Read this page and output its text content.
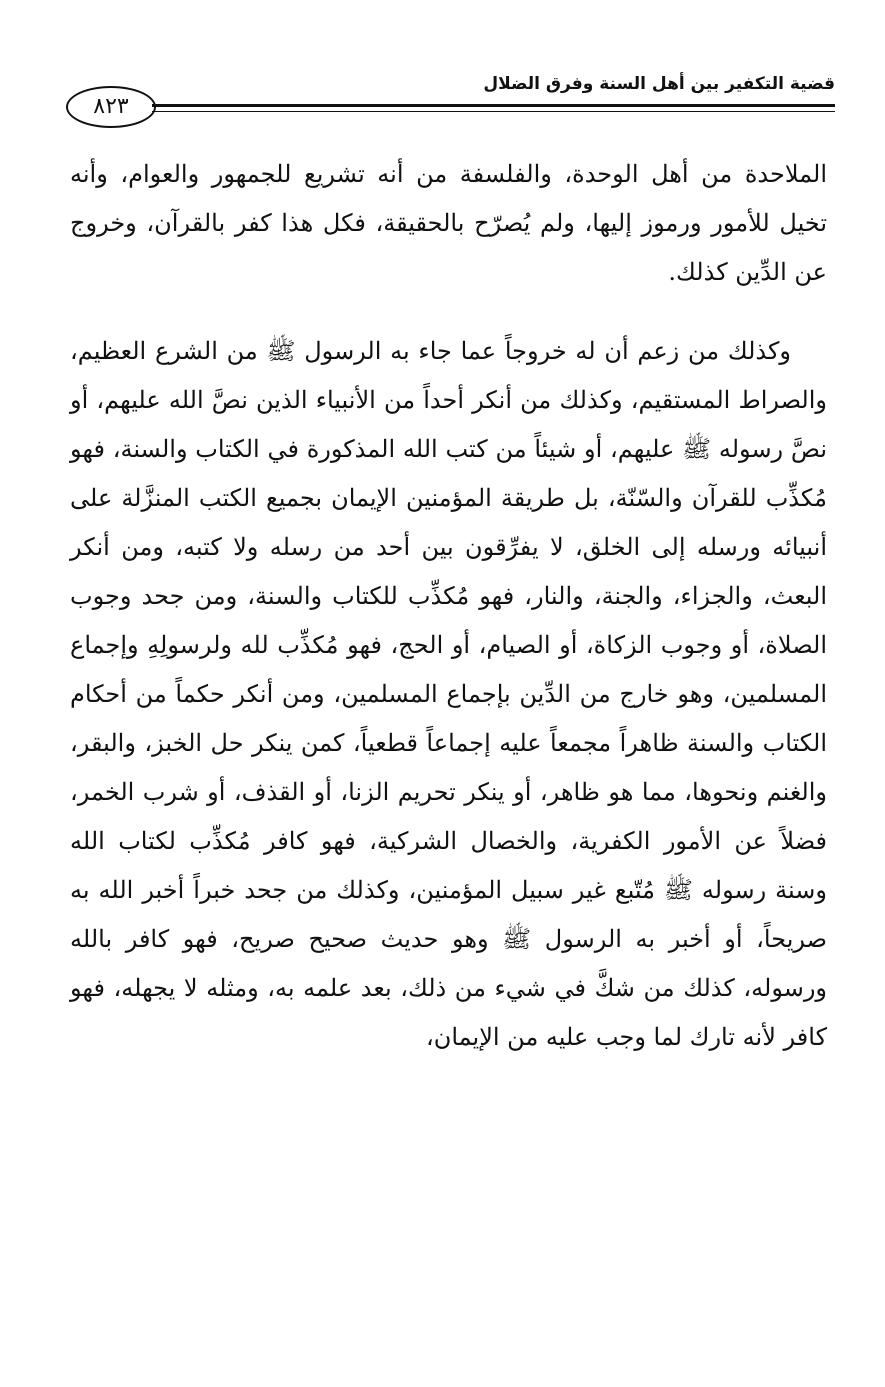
قضية التكفير بين أهل السنة وفرق الضلال
٨٢٣

الملاحدة من أهل الوحدة، والفلسفة من أنه تشريع للجمهور والعوام، وأنه تخيل للأمور ورموز إليها، ولم يُصرّح بالحقيقة، فكل هذا كفر بالقرآن، وخروج عن الدِّين كذلك.

وكذلك من زعم أن له خروجاً عما جاء به الرسول ﷺ من الشرع العظيم، والصراط المستقيم، وكذلك من أنكر أحداً من الأنبياء الذين نصَّ الله عليهم، أو نصَّ رسوله ﷺ عليهم، أو شيئاً من كتب الله المذكورة في الكتاب والسنة، فهو مُكذِّب للقرآن والسّنّة، بل طريقة المؤمنين الإيمان بجميع الكتب المنزَّلة على أنبيائه ورسله إلى الخلق، لا يفرِّقون بين أحد من رسله ولا كتبه، ومن أنكر البعث، والجزاء، والجنة، والنار، فهو مُكذِّب للكتاب والسنة، ومن جحد وجوب الصلاة، أو وجوب الزكاة، أو الصيام، أو الحج، فهو مُكذِّب لله ولرسولِهِ وإجماع المسلمين، وهو خارج من الدِّين بإجماع المسلمين، ومن أنكر حكماً من أحكام الكتاب والسنة ظاهراً مجمعاً عليه إجماعاً قطعياً، كمن ينكر حل الخبز، والبقر، والغنم ونحوها، مما هو ظاهر، أو ينكر تحريم الزنا، أو القذف، أو شرب الخمر، فضلاً عن الأمور الكفرية، والخصال الشركية، فهو كافر مُكذِّب لكتاب الله وسنة رسوله ﷺ مُتّبع غير سبيل المؤمنين، وكذلك من جحد خبراً أخبر الله به صريحاً، أو أخبر به الرسول ﷺ وهو حديث صحيح صريح، فهو كافر بالله ورسوله، كذلك من شكَّ في شيء من ذلك، بعد علمه به، ومثله لا يجهله، فهو كافر لأنه تارك لما وجب عليه من الإيمان،
